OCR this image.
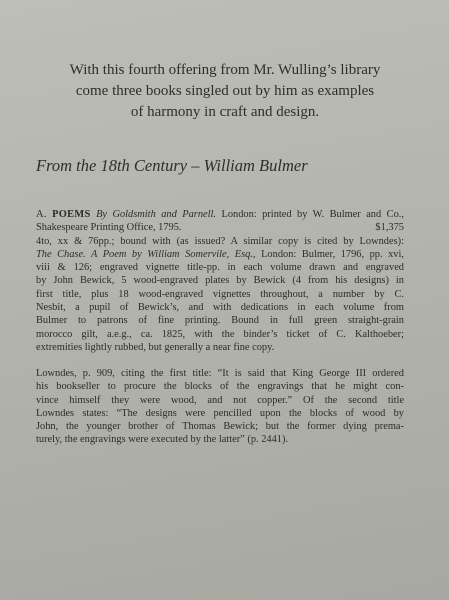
With this fourth offering from Mr. Wulling’s library
come three books singled out by him as examples
of harmony in craft and design.
From the 18th Century – William Bulmer
A. POEMS By Goldsmith and Parnell. London: printed by W. Bulmer and Co.,
Shakespeare Printing Office, 1795.	$1,375
4to, xx & 76pp.; bound with (as issued? A similar copy is cited by Lowndes):
The Chase. A Poem by William Somervile, Esq., London: Bulmer, 1796, pp. xvi,
viii & 126; engraved vignette title-pp. in each volume drawn and engraved
by John Bewick, 5 wood-engraved plates by Bewick (4 from his designs) in
first title, plus 18 wood-engraved vignettes throughout, a number by C.
Nesbit, a pupil of Bewick’s, and with dedications in each volume from
Bulmer to patrons of fine printing. Bound in full green straight-grain
morocco gilt, a.e.g., ca. 1825, with the binder’s ticket of C. Kalthoeber;
extremities lightly rubbed, but generally a near fine copy.
Lowndes, p. 909, citing the first title: “It is said that King George III ordered
his bookseller to procure the blocks of the engravings that he might con-
vince himself they were wood, and not copper.” Of the second title
Lowndes states: “The designs were pencilled upon the blocks of wood by
John, the younger brother of Thomas Bewick; but the former dying prema-
turely, the engravings were executed by the latter” (p. 2441).
